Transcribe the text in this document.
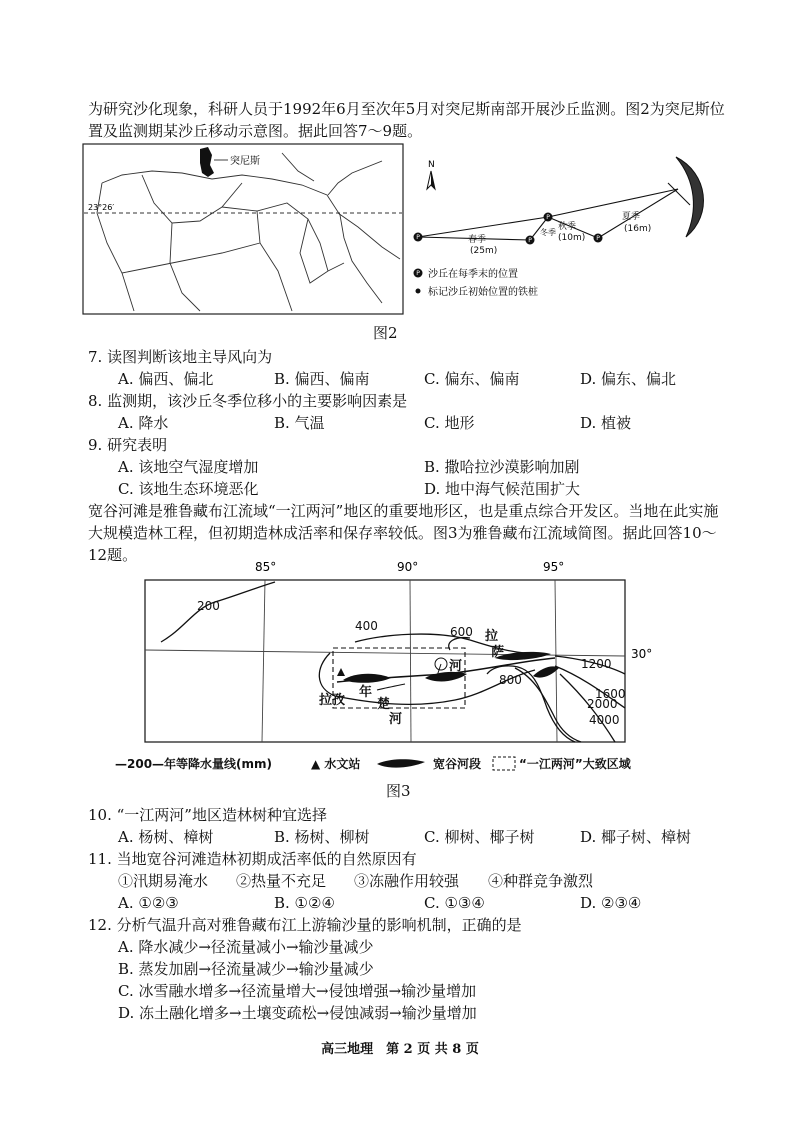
为研究沙化现象，科研人员于1992年6月至次年5月对突尼斯南部开展沙丘监测。图2为突尼斯位置及监测期某沙丘移动示意图。据此回答7～9题。
23°26′
突尼斯	N
P
P
P	P
春季
(25m)
冬季
秋季
(10m)
夏季
(16m)
P 沙丘在每季末的位置
标记沙丘初始位置的铁桩
图2
7. 读图判断该地主导风向为
A. 偏西、偏北	B. 偏西、偏南	C. 偏东、偏南	D. 偏东、偏北
8. 监测期，该沙丘冬季位移小的主要影响因素是
A. 降水	B. 气温	C. 地形	D. 植被
9. 研究表明
A. 该地空气湿度增加	B. 撒哈拉沙漠影响加剧
C. 该地生态环境恶化	D. 地中海气候范围扩大
宽谷河滩是雅鲁藏布江流域“一江两河”地区的重要地形区，也是重点综合开发区。当地在此实施大规模造林工程，但初期造林成活率和保存率较低。图3为雅鲁藏布江流域简图。据此回答10～12题。
85°	90°	95°
30°
200
400	600
800
1200
1600
2000
4000
拉
萨
河
拉孜
年
楚
河
—200—年等降水量线(mm)	▲ 水文站	宽谷河段	“一江两河”大致区域
图3
10. “一江两河”地区造林树种宜选择
A. 杨树、樟树	B. 杨树、柳树	C. 柳树、椰子树	D. 椰子树、樟树
11. 当地宽谷河滩造林初期成活率低的自然原因有
①汛期易淹水 ②热量不充足 ③冻融作用较强 ④种群竞争激烈
A. ①②③	B. ①②④	C. ①③④	D. ②③④
12. 分析气温升高对雅鲁藏布江上游输沙量的影响机制，正确的是
A. 降水减少→径流量减小→输沙量减少
B. 蒸发加剧→径流量减少→输沙量减少
C. 冰雪融水增多→径流量增大→侵蚀增强→输沙量增加
D. 冻土融化增多→土壤变疏松→侵蚀减弱→输沙量增加
高三地理　第 2 页 共 8 页
